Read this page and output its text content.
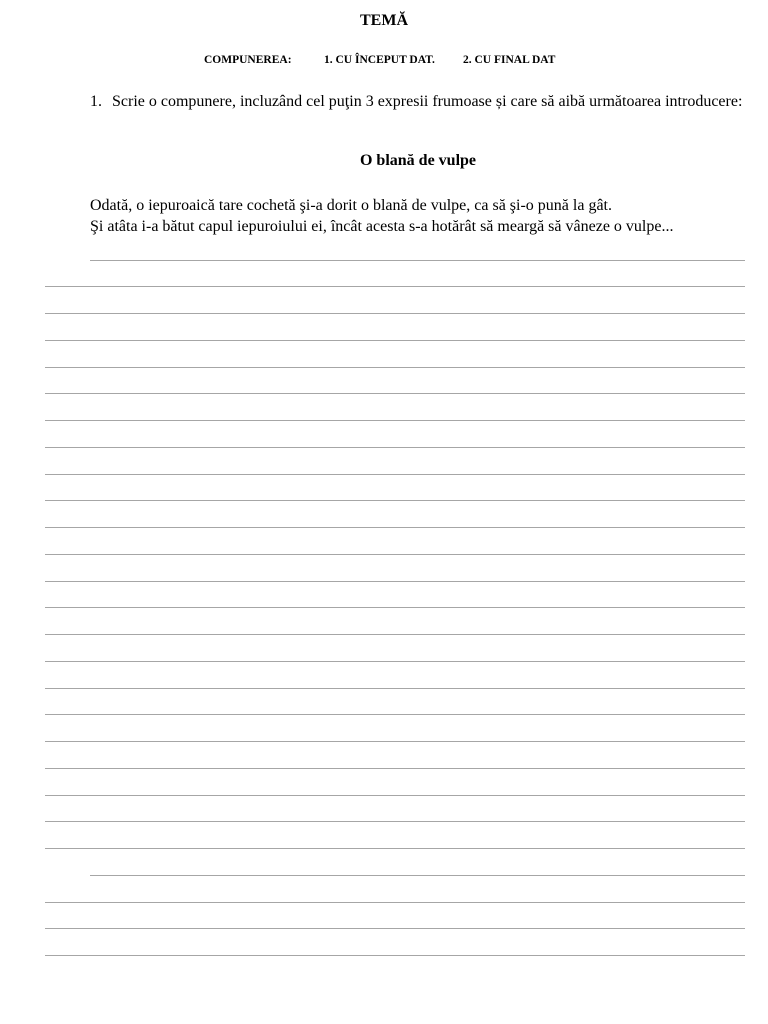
TEMĂ
COMPUNEREA:	1. CU ÎNCEPUT DAT. 2. CU FINAL DAT
1. Scrie o compunere, incluzând cel puţin 3 expresii frumoase și care să aibă următoarea introducere:
O blană de vulpe
Odată, o iepuroaică tare cochetă şi-a dorit o blană de vulpe, ca să şi-o pună la gât.
Şi atâta i-a bătut capul iepuroiului ei, încât acesta s-a hotărât să meargă să vâneze o vulpe...
